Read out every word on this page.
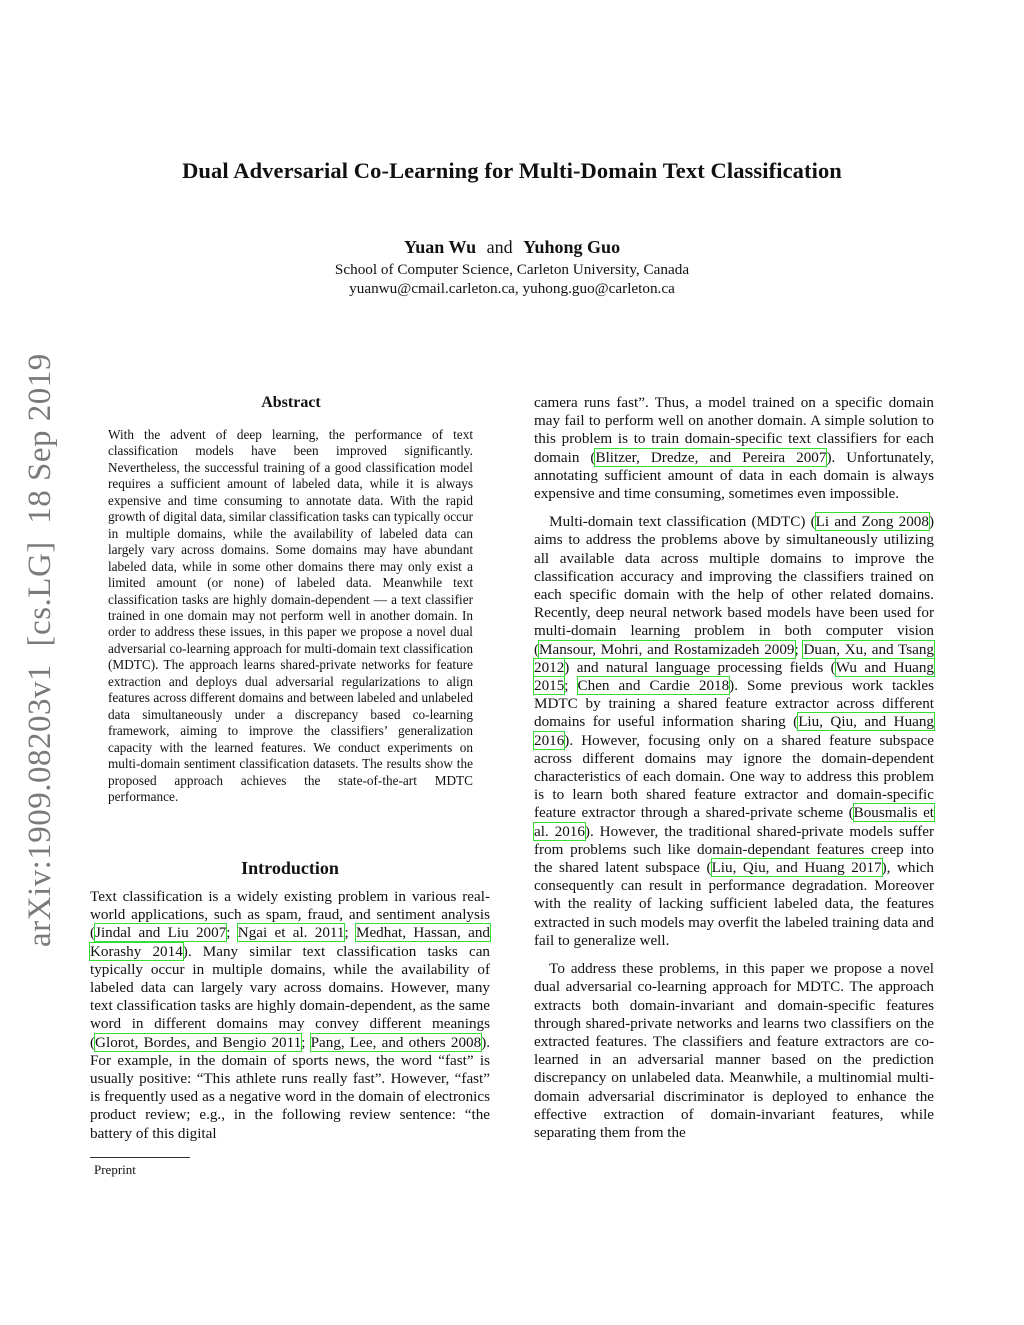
Dual Adversarial Co-Learning for Multi-Domain Text Classification
Yuan Wu and Yuhong Guo
School of Computer Science, Carleton University, Canada
yuanwu@cmail.carleton.ca, yuhong.guo@carleton.ca
arXiv:1909.08203v1  [cs.LG]  18 Sep 2019	Abstract
With the advent of deep learning, the performance of text classification models have been improved significantly. Nevertheless, the successful training of a good classification model requires a sufficient amount of labeled data, while it is always expensive and time consuming to annotate data. With the rapid growth of digital data, similar classification tasks can typically occur in multiple domains, while the availability of labeled data can largely vary across domains. Some domains may have abundant labeled data, while in some other domains there may only exist a limited amount (or none) of labeled data. Meanwhile text classification tasks are highly domain-dependent — a text classifier trained in one domain may not perform well in another domain. In order to address these issues, in this paper we propose a novel dual adversarial co-learning approach for multi-domain text classification (MDTC). The approach learns shared-private networks for feature extraction and deploys dual adversarial regularizations to align features across different domains and between labeled and unlabeled data simultaneously under a discrepancy based co-learning framework, aiming to improve the classifiers’ generalization capacity with the learned features. We conduct experiments on multi-domain sentiment classification datasets. The results show the proposed approach achieves the state-of-the-art MDTC performance.
Introduction

Text classification is a widely existing problem in various real-world applications, such as spam, fraud, and sentiment analysis (Jindal and Liu 2007; Ngai et al. 2011; Medhat, Hassan, and Korashy 2014). Many similar text classification tasks can typically occur in multiple domains, while the availability of labeled data can largely vary across domains. However, many text classification tasks are highly domain-dependent, as the same word in different domains may convey different meanings (Glorot, Bordes, and Bengio 2011; Pang, Lee, and others 2008). For example, in the domain of sports news, the word “fast” is usually positive: “This athlete runs really fast”. However, “fast” is frequently used as a negative word in the domain of electronics product review; e.g., in the following review sentence: “the battery of this digital

Preprint

camera runs fast”. Thus, a model trained on a specific domain may fail to perform well on another domain. A simple solution to this problem is to train domain-specific text classifiers for each domain (Blitzer, Dredze, and Pereira 2007). Unfortunately, annotating sufficient amount of data in each domain is always expensive and time consuming, sometimes even impossible.

Multi-domain text classification (MDTC) (Li and Zong 2008) aims to address the problems above by simultaneously utilizing all available data across multiple domains to improve the classification accuracy and improving the classifiers trained on each specific domain with the help of other related domains. Recently, deep neural network based models have been used for multi-domain learning problem in both computer vision (Mansour, Mohri, and Rostamizadeh 2009; Duan, Xu, and Tsang 2012) and natural language processing fields (Wu and Huang 2015; Chen and Cardie 2018). Some previous work tackles MDTC by training a shared feature extractor across different domains for useful information sharing (Liu, Qiu, and Huang 2016). However, focusing only on a shared feature subspace across different domains may ignore the domain-dependent characteristics of each domain. One way to address this problem is to learn both shared feature extractor and domain-specific feature extractor through a shared-private scheme (Bousmalis et al. 2016). However, the traditional shared-private models suffer from problems such like domain-dependant features creep into the shared latent subspace (Liu, Qiu, and Huang 2017), which consequently can result in performance degradation. Moreover with the reality of lacking sufficient labeled data, the features extracted in such models may overfit the labeled training data and fail to generalize well.

To address these problems, in this paper we propose a novel dual adversarial co-learning approach for MDTC. The approach extracts both domain-invariant and domain-specific features through shared-private networks and learns two classifiers on the extracted features. The classifiers and feature extractors are co-learned in an adversarial manner based on the prediction discrepancy on unlabeled data. Meanwhile, a multinomial multi-domain adversarial discriminator is deployed to enhance the effective extraction of domain-invariant features, while separating them from the
